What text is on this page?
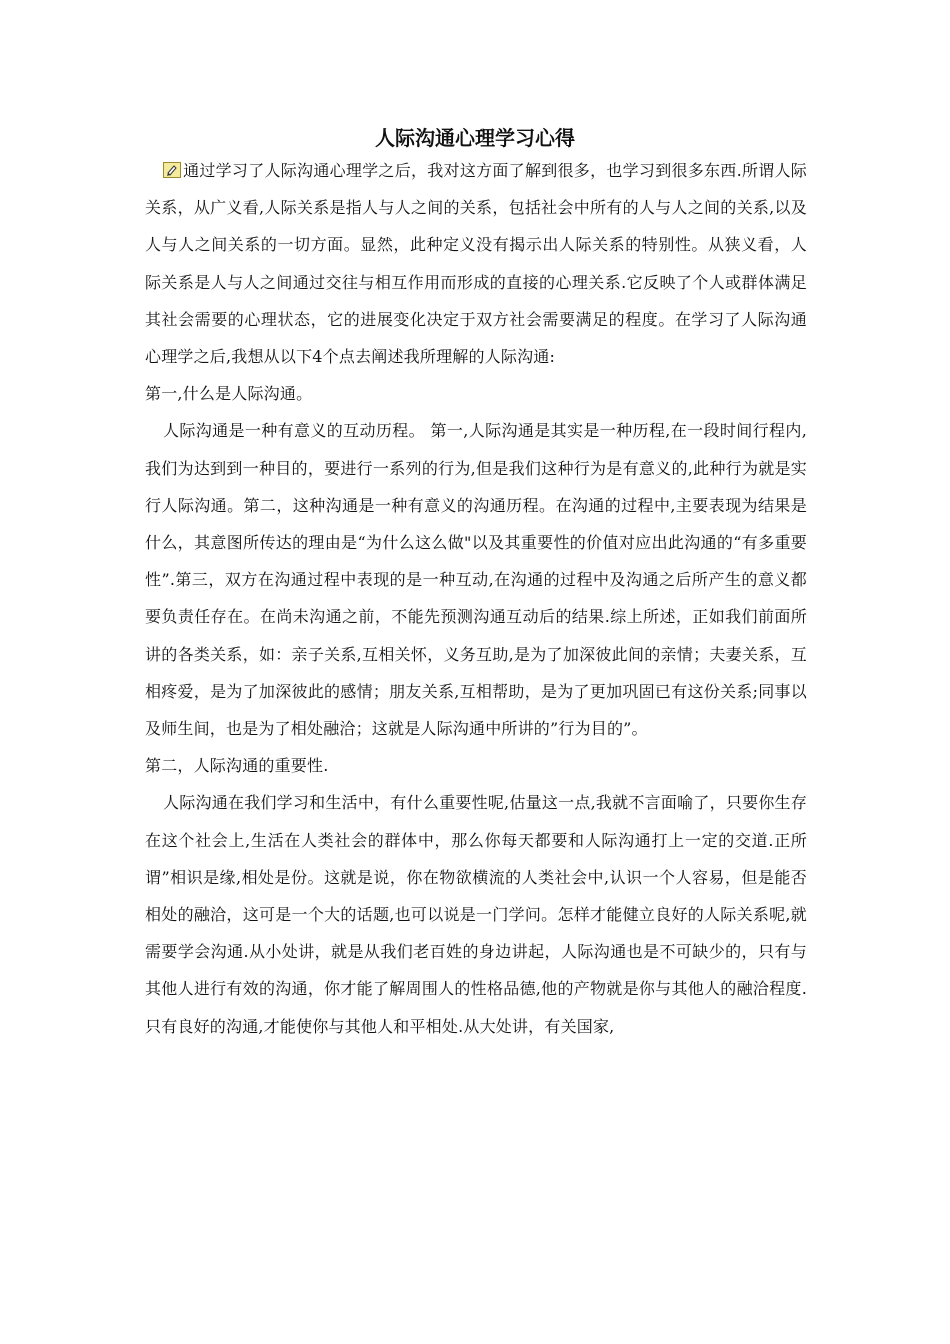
人际沟通心理学习心得

通过学习了人际沟通心理学之后，我对这方面了解到很多，也学习到很多东西.所谓人际关系，从广义看,人际关系是指人与人之间的关系，包括社会中所有的人与人之间的关系,以及人与人之间关系的一切方面。显然，此种定义没有揭示出人际关系的特别性。从狭义看，人际关系是人与人之间通过交往与相互作用而形成的直接的心理关系.它反映了个人或群体满足其社会需要的心理状态，它的进展变化决定于双方社会需要满足的程度。在学习了人际沟通心理学之后,我想从以下4个点去阐述我所理解的人际沟通:

第一,什么是人际沟通。

人际沟通是一种有意义的互动历程。 第一,人际沟通是其实是一种历程,在一段时间行程内,我们为达到到一种目的，要进行一系列的行为,但是我们这种行为是有意义的,此种行为就是实行人际沟通。第二，这种沟通是一种有意义的沟通历程。在沟通的过程中,主要表现为结果是什么，其意图所传达的理由是“为什么这么做"以及其重要性的价值对应出此沟通的“有多重要性”.第三，双方在沟通过程中表现的是一种互动,在沟通的过程中及沟通之后所产生的意义都要负责任存在。在尚未沟通之前，不能先预测沟通互动后的结果.综上所述，正如我们前面所讲的各类关系，如：亲子关系,互相关怀，义务互助,是为了加深彼此间的亲情；夫妻关系，互相疼爱，是为了加深彼此的感情；朋友关系,互相帮助，是为了更加巩固已有这份关系;同事以及师生间，也是为了相处融洽；这就是人际沟通中所讲的”行为目的”。

第二，人际沟通的重要性.

人际沟通在我们学习和生活中，有什么重要性呢,估量这一点,我就不言面喻了，只要你生存在这个社会上,生活在人类社会的群体中，那么你每天都要和人际沟通打上一定的交道.正所谓”相识是缘,相处是份。这就是说，你在物欲横流的人类社会中,认识一个人容易，但是能否相处的融洽，这可是一个大的话题,也可以说是一门学问。怎样才能健立良好的人际关系呢,就需要学会沟通.从小处讲，就是从我们老百姓的身边讲起，人际沟通也是不可缺少的，只有与其他人进行有效的沟通，你才能了解周围人的性格品德,他的产物就是你与其他人的融洽程度.只有良好的沟通,才能使你与其他人和平相处.从大处讲，有关国家,
